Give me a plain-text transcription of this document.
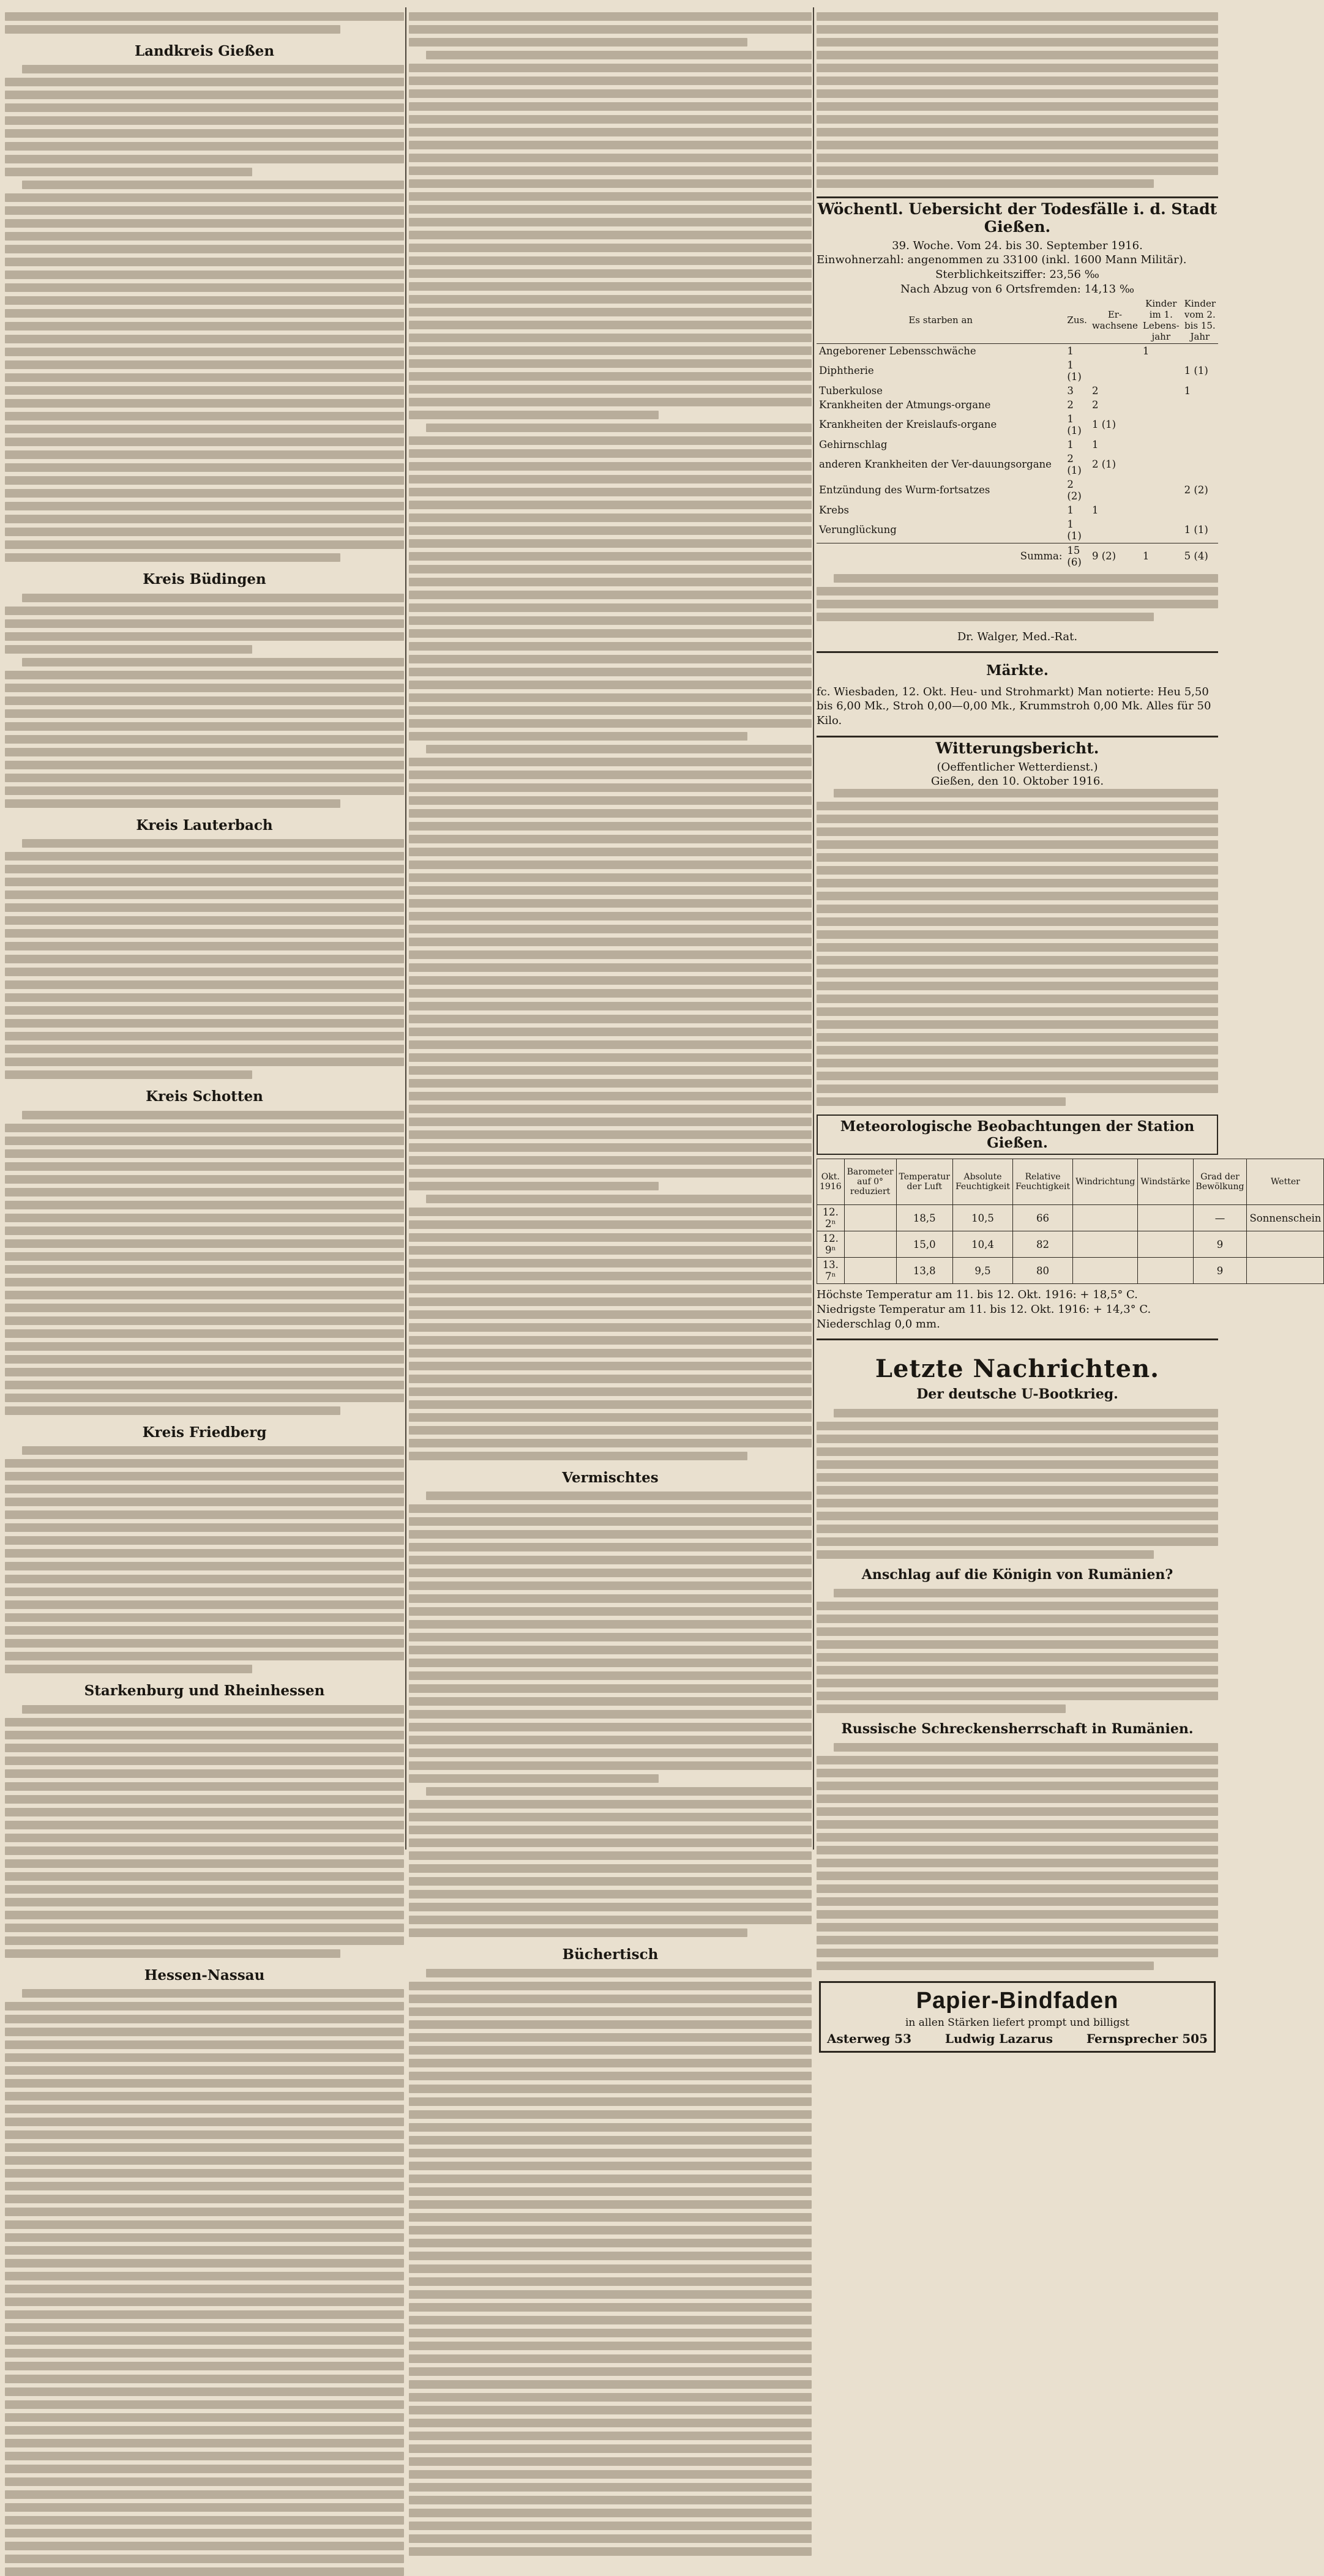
Landkreis Gießen
Kreis Büdingen
Kreis Lauterbach
Kreis Schotten
Kreis Friedberg
Starkenburg und Rheinhessen
Hessen-Nassau
Vermischtes
Büchertisch
Wöchentl. Uebersicht der Todesfälle i. d. Stadt Gießen.
39. Woche. Vom 24. bis 30. September 1916.
Einwohnerzahl: angenommen zu 33100 (inkl. 1600 Mann Militär).
Sterblichkeitsziffer: 23,56 ‰
Nach Abzug von 6 Ortsfremden: 14,13 ‰
Es starben an	Zus.	Er-wachsene	Kinder im 1. Lebens-jahr	Kinder vom 2. bis 15. Jahr
Angeborener Lebensschwäche	1		1	
Diphtherie	1 (1)			1 (1)
Tuberkulose	3	2		1
Krankheiten der Atmungs-organe	2	2		
Krankheiten der Kreislaufs-organe	1 (1)	1 (1)		
Gehirnschlag	1	1		
anderen Krankheiten der Ver-dauungsorgane	2 (1)	2 (1)		
Entzündung des Wurm-fortsatzes	2 (2)			2 (2)
Krebs	1	1		
Verunglückung	1 (1)			1 (1)
Summa:	15 (6)	9 (2)	1	5 (4)
Dr. Walger, Med.-Rat.
Märkte.
fc. Wiesbaden, 12. Okt. Heu- und Strohmarkt) Man notierte: Heu 5,50 bis 6,00 Mk., Stroh 0,00—0,00 Mk., Krummstroh 0,00 Mk. Alles für 50 Kilo.
Witterungsbericht.
(Oeffentlicher Wetterdienst.)
Gießen, den 10. Oktober 1916.
Meteorologische Beobachtungen der Station Gießen.
Okt. 1916	Barometer auf 0° reduziert	Temperatur der Luft	Absolute Feuchtigkeit	Relative Feuchtigkeit	Windrichtung	Windstärke	Grad der Bewölkung	Wetter
12. 2ⁿ		18,5	10,5	66			—	Sonnenschein
12. 9ⁿ		15,0	10,4	82			9	
13. 7ⁿ		13,8	9,5	80			9	
Höchste Temperatur am 11. bis 12. Okt. 1916: + 18,5° C.
Niedrigste Temperatur am 11. bis 12. Okt. 1916: + 14,3° C.
Niederschlag 0,0 mm.
Letzte Nachrichten.
Der deutsche U-Bootkrieg.
Anschlag auf die Königin von Rumänien?
Russische Schreckensherrschaft in Rumänien.
Papier-Bindfaden
in allen Stärken liefert prompt und billigst
Asterweg 53	Ludwig Lazarus	Fernsprecher 505
